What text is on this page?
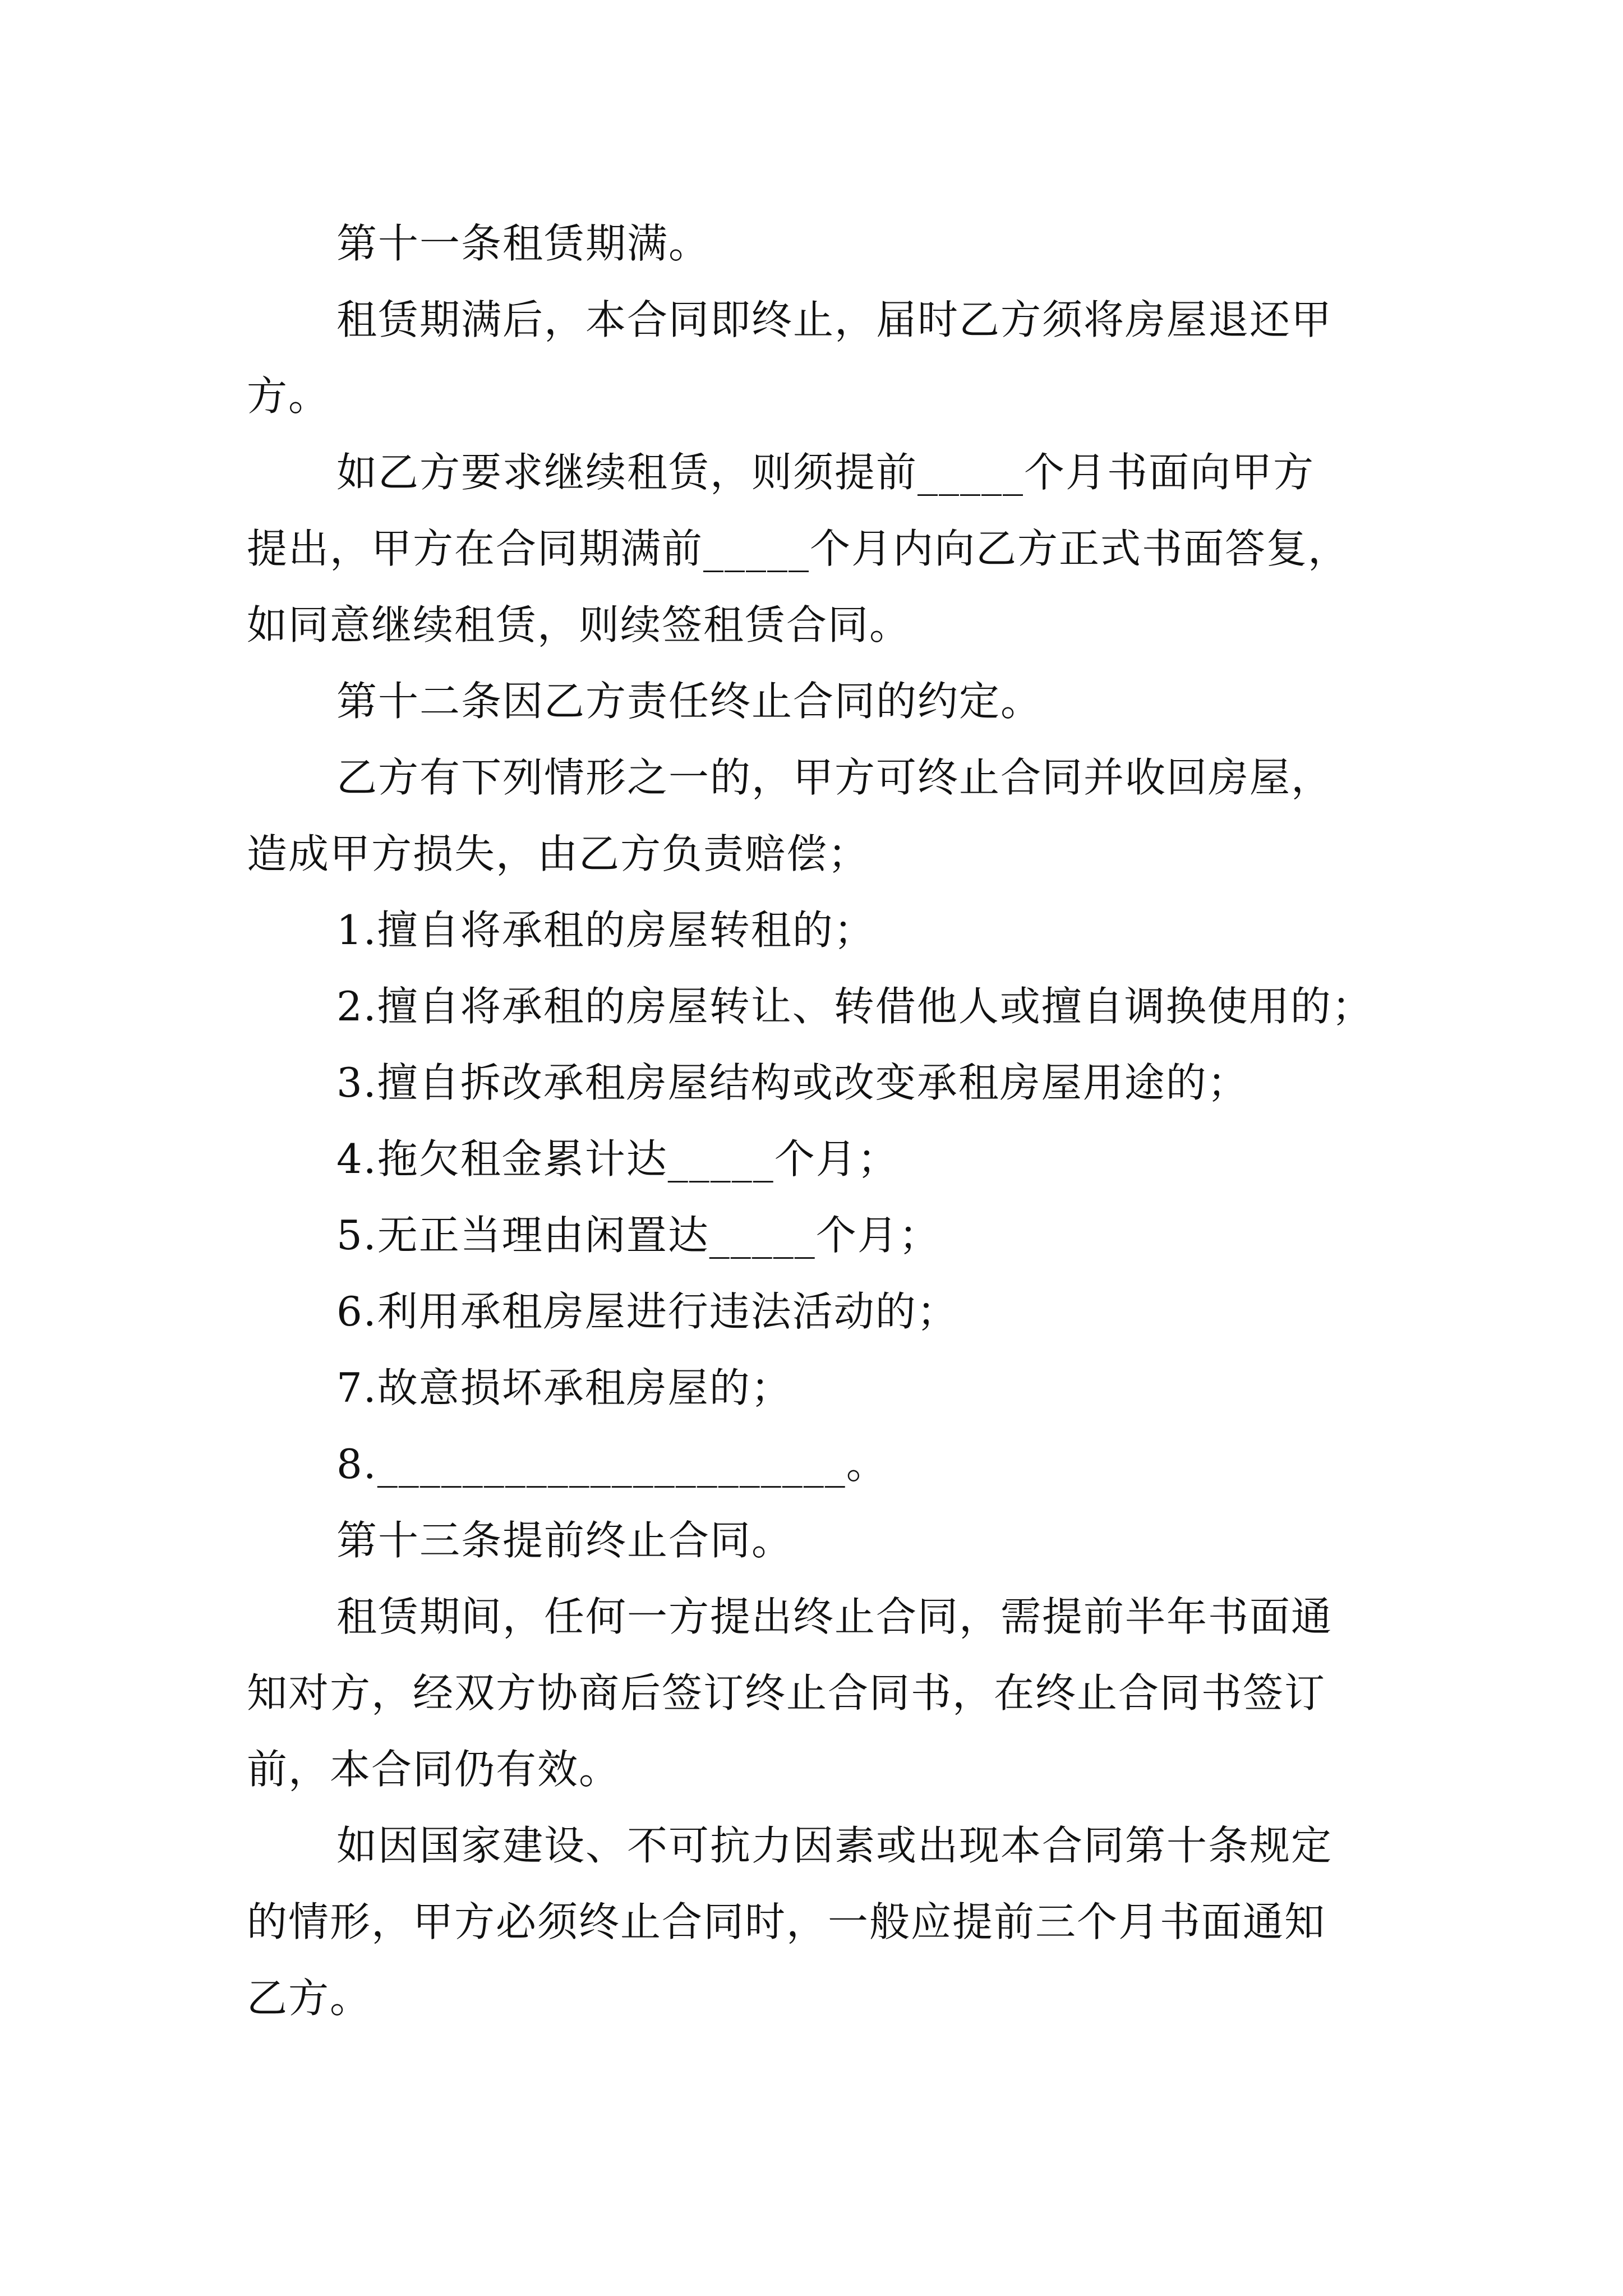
第十一条租赁期满。
租赁期满后，本合同即终止，届时乙方须将房屋退还甲
方。
如乙方要求继续租赁，则须提前_____个月书面向甲方
提出，甲方在合同期满前_____个月内向乙方正式书面答复，
如同意继续租赁，则续签租赁合同。
第十二条因乙方责任终止合同的约定。
乙方有下列情形之一的，甲方可终止合同并收回房屋，
造成甲方损失，由乙方负责赔偿；
1.擅自将承租的房屋转租的；
2.擅自将承租的房屋转让、转借他人或擅自调换使用的；
3.擅自拆改承租房屋结构或改变承租房屋用途的；
4.拖欠租金累计达_____个月；
5.无正当理由闲置达_____个月；
6.利用承租房屋进行违法活动的；
7.故意损坏承租房屋的；
8.______________________。
第十三条提前终止合同。
租赁期间，任何一方提出终止合同，需提前半年书面通
知对方，经双方协商后签订终止合同书，在终止合同书签订
前，本合同仍有效。
如因国家建设、不可抗力因素或出现本合同第十条规定
的情形，甲方必须终止合同时，一般应提前三个月书面通知
乙方。
